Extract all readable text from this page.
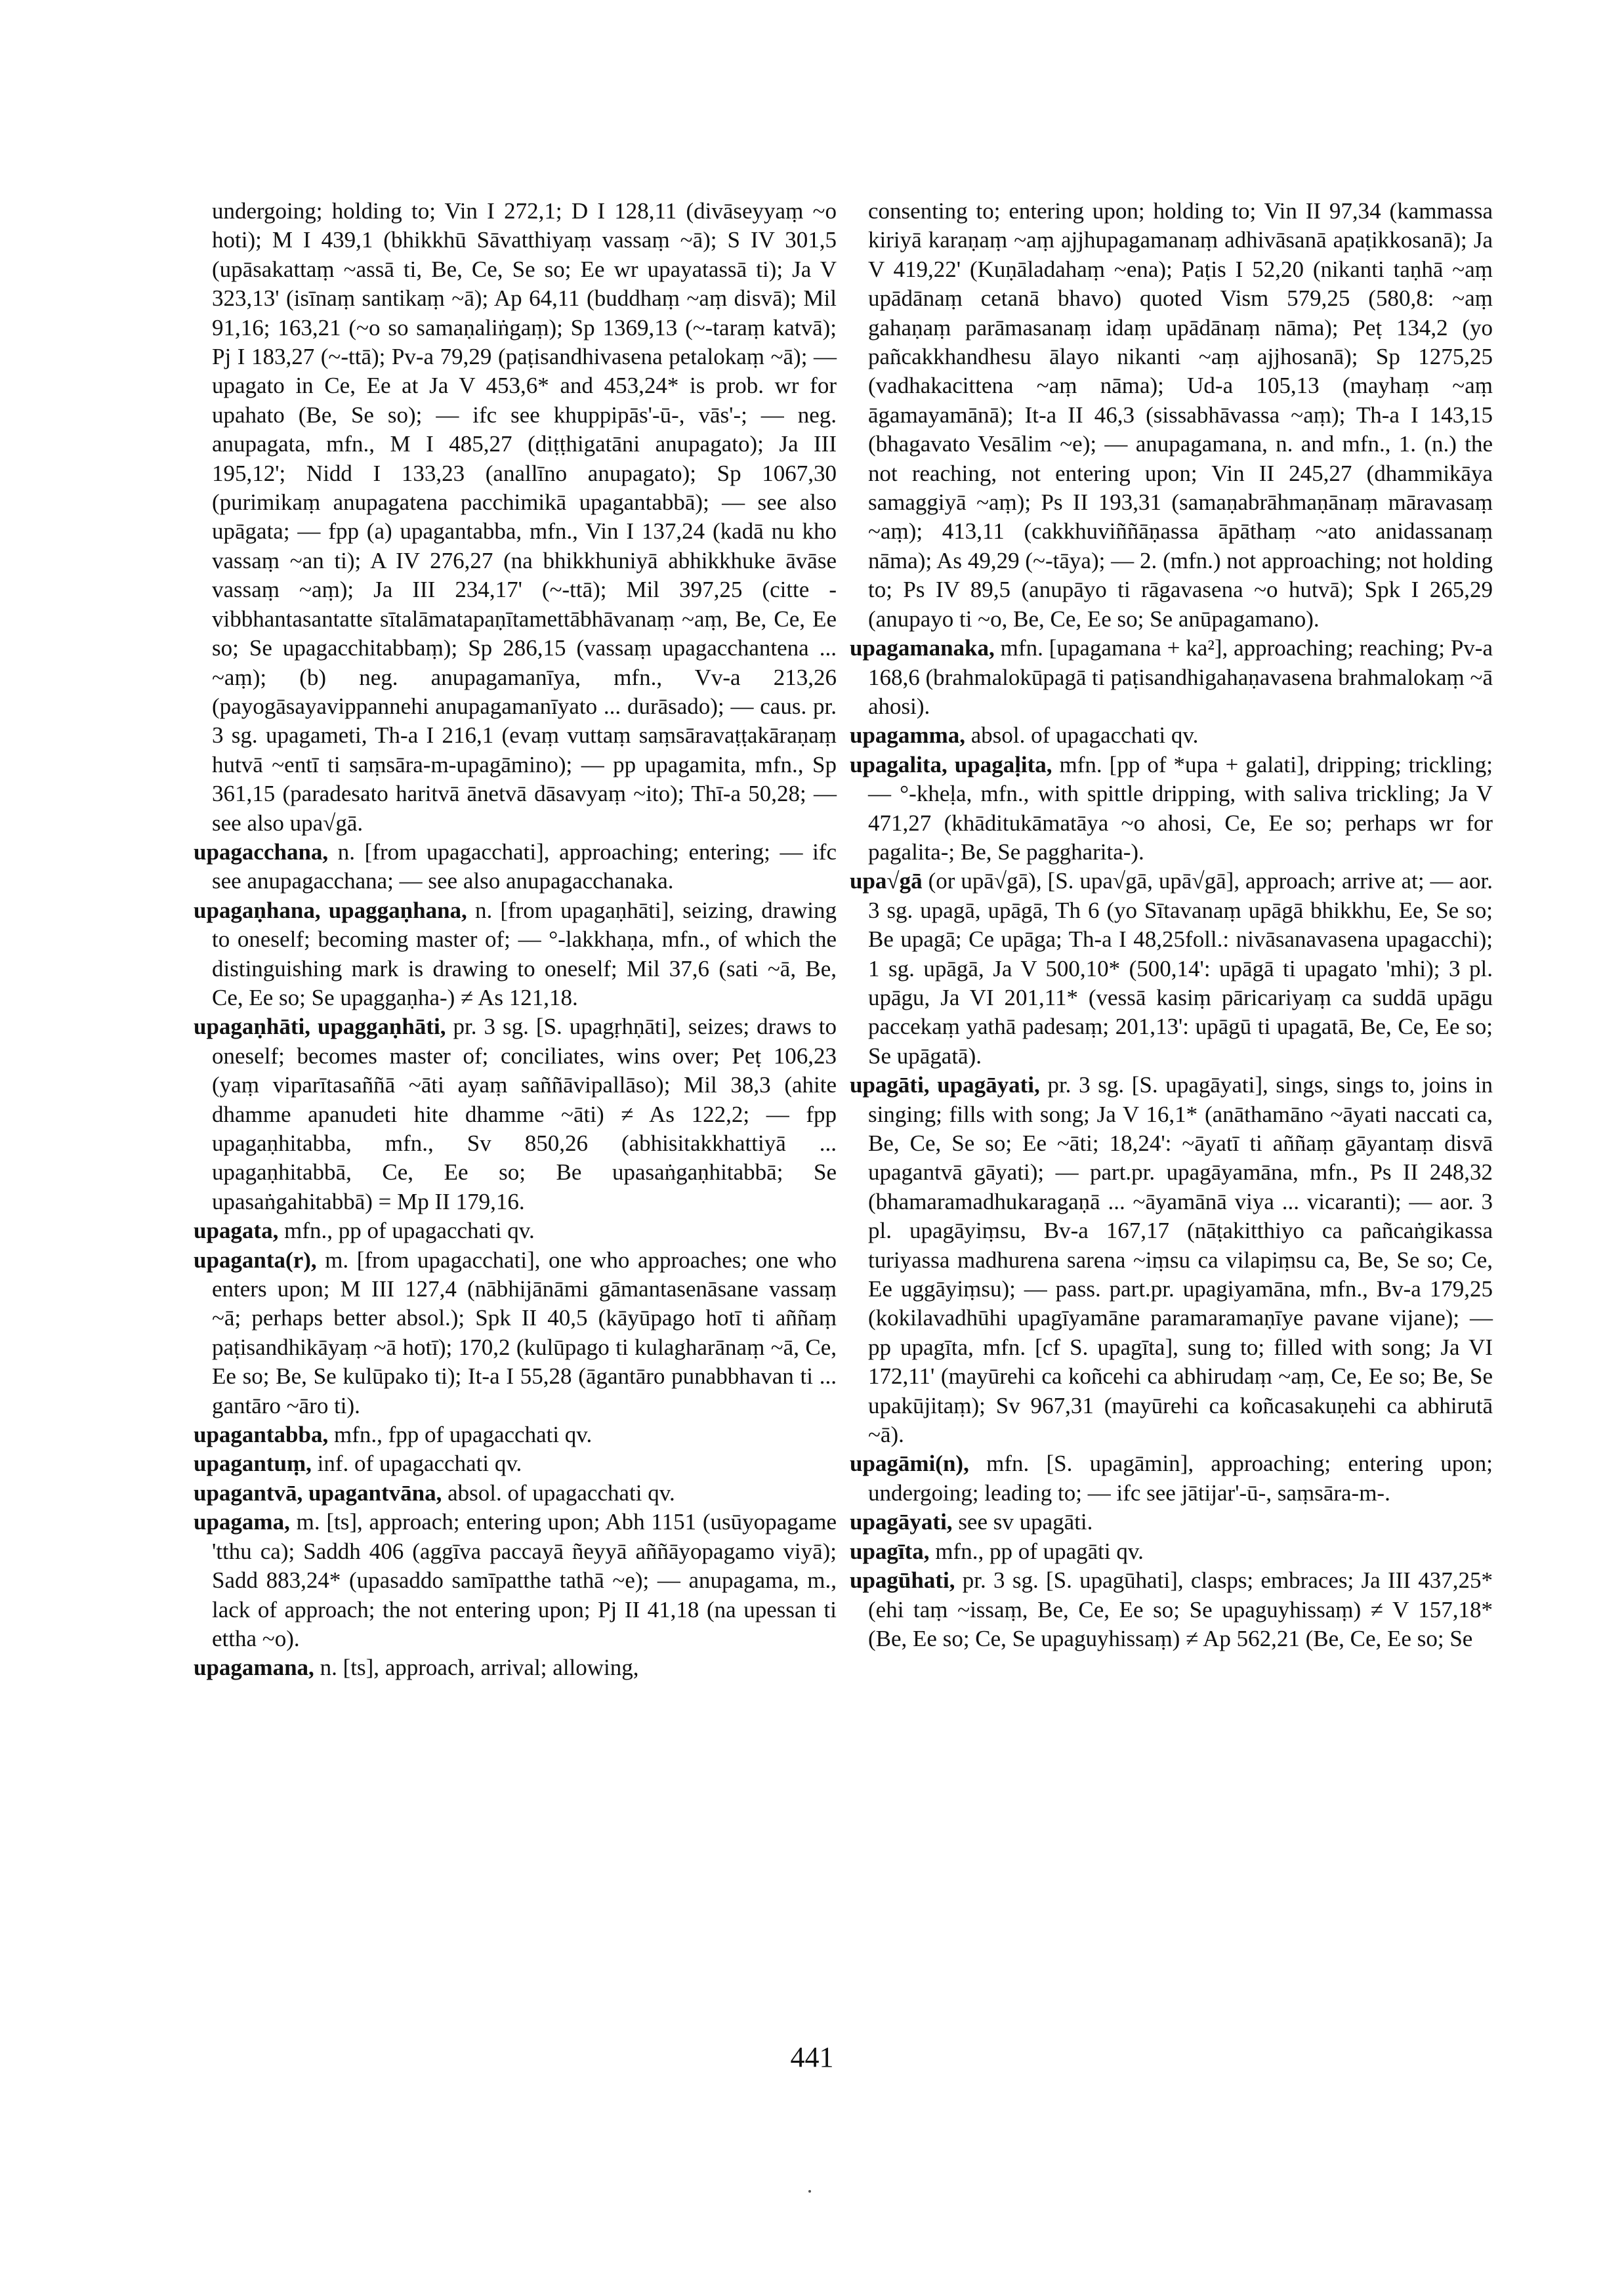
undergoing; holding to; Vin I 272,1; D I 128,11 (divāseyyaṃ ~o hoti); M I 439,1 (bhikkhū Sāvatthiyaṃ vassaṃ ~ā); S IV 301,5 (upāsakattaṃ ~assā ti, Be, Ce, Se so; Ee wr upayatassā ti); Ja V 323,13' (isīnaṃ santikaṃ ~ā); Ap 64,11 (buddhaṃ ~aṃ disvā); Mil 91,16; 163,21 (~o so samaṇaliṅgaṃ); Sp 1369,13 (~-taraṃ katvā); Pj I 183,27 (~-ttā); Pv-a 79,29 (paṭisandhivasena petalokaṃ ~ā); — upagato in Ce, Ee at Ja V 453,6* and 453,24* is prob. wr for upahato (Be, Se so); — ifc see khuppipās'-ū-, vās'-; — neg. anupagata, mfn., M I 485,27 (diṭṭhigatāni anupagato); Ja III 195,12'; Nidd I 133,23 (anallīno anupagato); Sp 1067,30 (purimikaṃ anupagatena pacchimikā upagantabbā); — see also upāgata; — fpp (a) upagantabba, mfn., Vin I 137,24 (kadā nu kho vassaṃ ~an ti); A IV 276,27 (na bhikkhuniyā abhikkhuke āvāse vassaṃ ~aṃ); Ja III 234,17' (~-ttā); Mil 397,25 (citte -vibbhantasantatte sītalāmatapaṇītamettābhāvanaṃ ~aṃ, Be, Ce, Ee so; Se upagacchitabbaṃ); Sp 286,15 (vassaṃ upagacchantena ... ~aṃ); (b) neg. anupagamanīya, mfn., Vv-a 213,26 (payogāsayavippannehi anupagamanīyato ... durāsado); — caus. pr. 3 sg. upagameti, Th-a I 216,1 (evaṃ vuttaṃ saṃsāravaṭṭakāraṇaṃ hutvā ~entī ti saṃsāra-m-upagāmino); — pp upagamita, mfn., Sp 361,15 (paradesato haritvā ānetvā dāsavyaṃ ~ito); Thī-a 50,28; — see also upa√gā.

upagacchana, n. [from upagacchati], approaching; entering; — ifc see anupagacchana; — see also anupagacchanaka.

upagaṇhana, upaggaṇhana, n. [from upagaṇhāti], seizing, drawing to oneself; becoming master of; — °-lakkhaṇa, mfn., of which the distinguishing mark is drawing to oneself; Mil 37,6 (sati ~ā, Be, Ce, Ee so; Se upaggaṇha-) ≠ As 121,18.

upagaṇhāti, upaggaṇhāti, pr. 3 sg. [S. upagṛhṇāti], seizes; draws to oneself; becomes master of; conciliates, wins over; Peṭ 106,23 (yaṃ viparītasaññā ~āti ayaṃ saññāvipallāso); Mil 38,3 (ahite dhamme apanudeti hite dhamme ~āti) ≠ As 122,2; — fpp upagaṇhitabba, mfn., Sv 850,26 (abhisitakkhattiyā ... upagaṇhitabbā, Ce, Ee so; Be upasaṅgaṇhitabbā; Se upasaṅgahitabbā) = Mp II 179,16.

upagata, mfn., pp of upagacchati qv.

upaganta(r), m. [from upagacchati], one who approaches; one who enters upon; M III 127,4 (nābhijānāmi gāmantasenāsane vassaṃ ~ā; perhaps better absol.); Spk II 40,5 (kāyūpago hotī ti aññaṃ paṭisandhikāyaṃ ~ā hotī); 170,2 (kulūpago ti kulagharānaṃ ~ā, Ce, Ee so; Be, Se kulūpako ti); It-a I 55,28 (āgantāro punabbhavan ti ... gantāro ~āro ti).

upagantabba, mfn., fpp of upagacchati qv.

upagantuṃ, inf. of upagacchati qv.

upagantvā, upagantvāna, absol. of upagacchati qv.

upagama, m. [ts], approach; entering upon; Abh 1151 (usūyopagame 'tthu ca); Saddh 406 (aggīva paccayā ñeyyā aññāyopagamo viyā); Sadd 883,24* (upasaddo samīpatthe tathā ~e); — anupagama, m., lack of approach; the not entering upon; Pj II 41,18 (na upessan ti ettha ~o).

upagamana, n. [ts], approach, arrival; allowing,

consenting to; entering upon; holding to; Vin II 97,34 (kammassa kiriyā karaṇaṃ ~aṃ ajjhupagamanaṃ adhivāsanā apaṭikkosanā); Ja V 419,22' (Kuṇāladahaṃ ~ena); Paṭis I 52,20 (nikanti taṇhā ~aṃ upādānaṃ cetanā bhavo) quoted Vism 579,25 (580,8: ~aṃ gahaṇaṃ parāmasanaṃ idaṃ upādānaṃ nāma); Peṭ 134,2 (yo pañcakkhandhesu ālayo nikanti ~aṃ ajjhosanā); Sp 1275,25 (vadhakacittena ~aṃ nāma); Ud-a 105,13 (mayhaṃ ~aṃ āgamayamānā); It-a II 46,3 (sissabhāvassa ~aṃ); Th-a I 143,15 (bhagavato Vesālim ~e); — anupagamana, n. and mfn., 1. (n.) the not reaching, not entering upon; Vin II 245,27 (dhammikāya samaggiyā ~aṃ); Ps II 193,31 (samaṇabrāhmaṇānaṃ māravasaṃ ~aṃ); 413,11 (cakkhuviññāṇassa āpāthaṃ ~ato anidassanaṃ nāma); As 49,29 (~-tāya); — 2. (mfn.) not approaching; not holding to; Ps IV 89,5 (anupāyo ti rāgavasena ~o hutvā); Spk I 265,29 (anupayo ti ~o, Be, Ce, Ee so; Se anūpagamano).

upagamanaka, mfn. [upagamana + ka²], approaching; reaching; Pv-a 168,6 (brahmalokūpagā ti paṭisandhigahaṇavasena brahmalokaṃ ~ā ahosi).

upagamma, absol. of upagacchati qv.

upagalita, upagaḷita, mfn. [pp of *upa + galati], dripping; trickling; — °-kheḷa, mfn., with spittle dripping, with saliva trickling; Ja V 471,27 (khāditukāmatāya ~o ahosi, Ce, Ee so; perhaps wr for pagalita-; Be, Se paggharita-).

upa√gā (or upā√gā), [S. upa√gā, upā√gā], approach; arrive at; — aor. 3 sg. upagā, upāgā, Th 6 (yo Sītavanaṃ upāgā bhikkhu, Ee, Se so; Be upagā; Ce upāga; Th-a I 48,25foll.: nivāsanavasena upagacchi); 1 sg. upāgā, Ja V 500,10* (500,14': upāgā ti upagato 'mhi); 3 pl. upāgu, Ja VI 201,11* (vessā kasiṃ pāricariyaṃ ca suddā upāgu paccekaṃ yathā padesaṃ; 201,13': upāgū ti upagatā, Be, Ce, Ee so; Se upāgatā).

upagāti, upagāyati, pr. 3 sg. [S. upagāyati], sings, sings to, joins in singing; fills with song; Ja V 16,1* (anāthamāno ~āyati naccati ca, Be, Ce, Se so; Ee ~āti; 18,24': ~āyatī ti aññaṃ gāyantaṃ disvā upagantvā gāyati); — part.pr. upagāyamāna, mfn., Ps II 248,32 (bhamaramadhukaragaṇā ... ~āyamānā viya ... vicaranti); — aor. 3 pl. upagāyiṃsu, Bv-a 167,17 (nāṭakitthiyo ca pañcaṅgikassa turiyassa madhurena sarena ~iṃsu ca vilapiṃsu ca, Be, Se so; Ce, Ee uggāyiṃsu); — pass. part.pr. upagiyamāna, mfn., Bv-a 179,25 (kokilavadhūhi upagīyamāne paramaramaṇīye pavane vijane); — pp upagīta, mfn. [cf S. upagīta], sung to; filled with song; Ja VI 172,11' (mayūrehi ca koñcehi ca abhirudaṃ ~aṃ, Ce, Ee so; Be, Se upakūjitaṃ); Sv 967,31 (mayūrehi ca koñcasakuṇehi ca abhirutā ~ā).

upagāmi(n), mfn. [S. upagāmin], approaching; entering upon; undergoing; leading to; — ifc see jātijar'-ū-, saṃsāra-m-.

upagāyati, see sv upagāti.

upagīta, mfn., pp of upagāti qv.

upagūhati, pr. 3 sg. [S. upagūhati], clasps; embraces; Ja III 437,25* (ehi taṃ ~issaṃ, Be, Ce, Ee so; Se upaguyhissaṃ) ≠ V 157,18* (Be, Ee so; Ce, Se upaguyhissaṃ) ≠ Ap 562,21 (Be, Ce, Ee so; Se

441
